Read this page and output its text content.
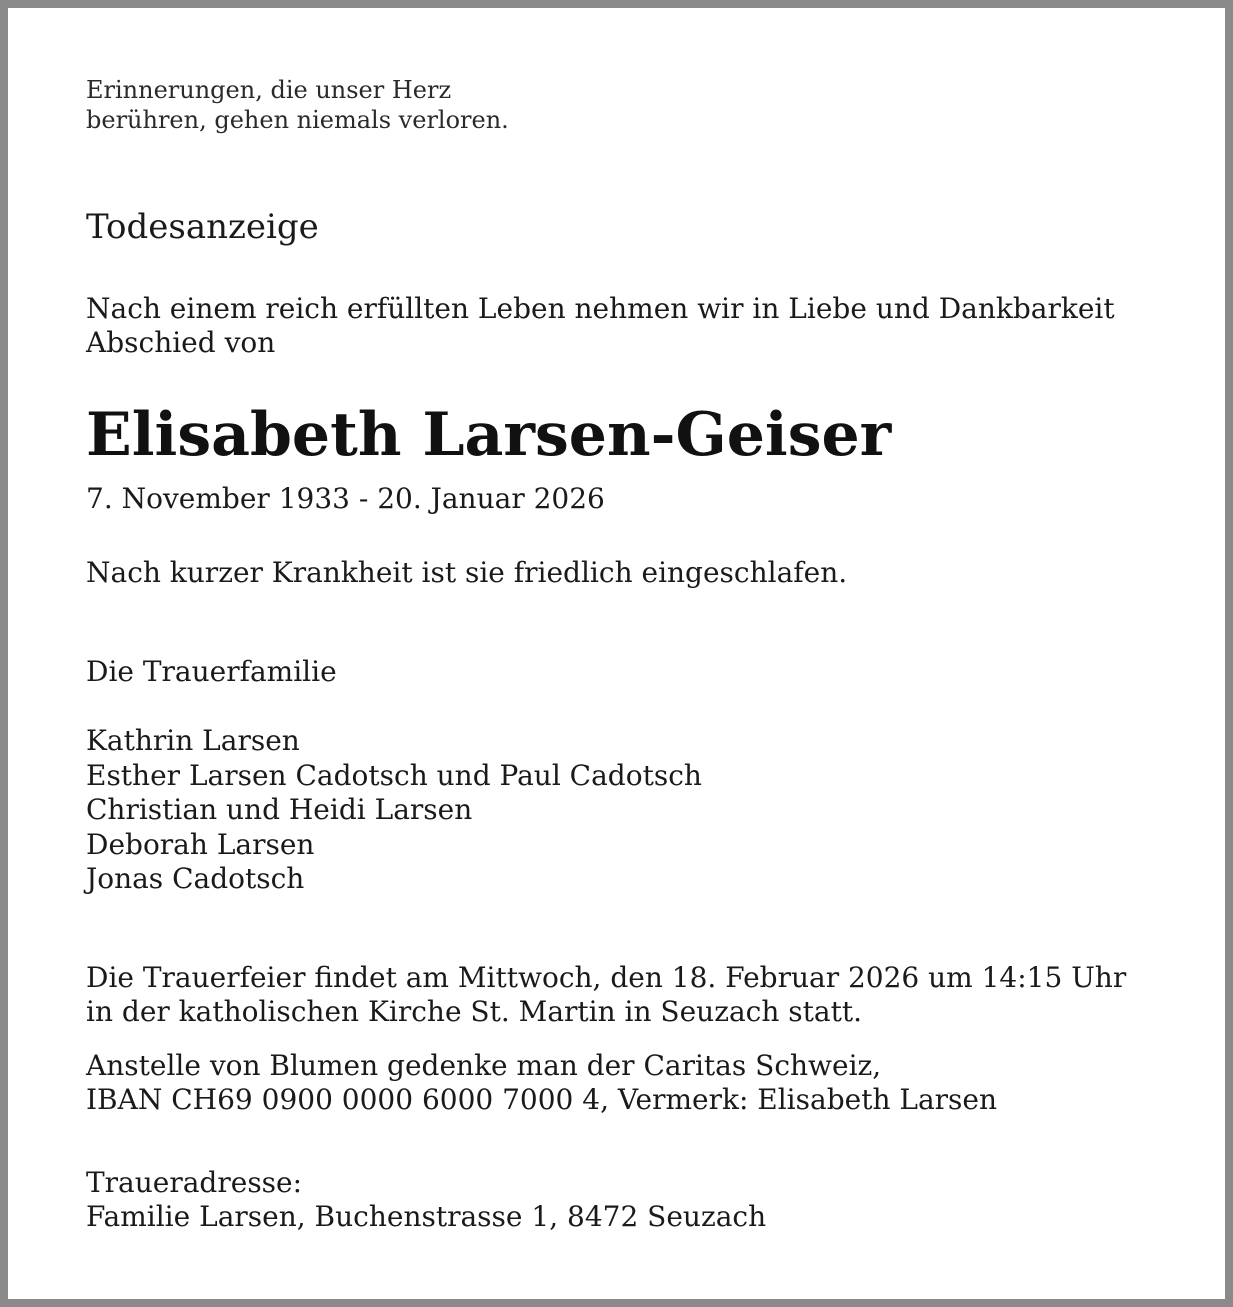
Erinnerungen, die unser Herz
berühren, gehen niemals verloren.
Todesanzeige
Nach einem reich erfüllten Leben nehmen wir in Liebe und Dankbarkeit
Abschied von
Elisabeth Larsen-Geiser
7. November 1933 - 20. Januar 2026
Nach kurzer Krankheit ist sie friedlich eingeschlafen.
Die Trauerfamilie
Kathrin Larsen
Esther Larsen Cadotsch und Paul Cadotsch
Christian und Heidi Larsen
Deborah Larsen
Jonas Cadotsch
Die Trauerfeier findet am Mittwoch, den 18. Februar 2026 um 14:15 Uhr
in der katholischen Kirche St. Martin in Seuzach statt.
Anstelle von Blumen gedenke man der Caritas Schweiz,
IBAN CH69 0900 0000 6000 7000 4, Vermerk: Elisabeth Larsen
Traueradresse:
Familie Larsen, Buchenstrasse 1, 8472 Seuzach
